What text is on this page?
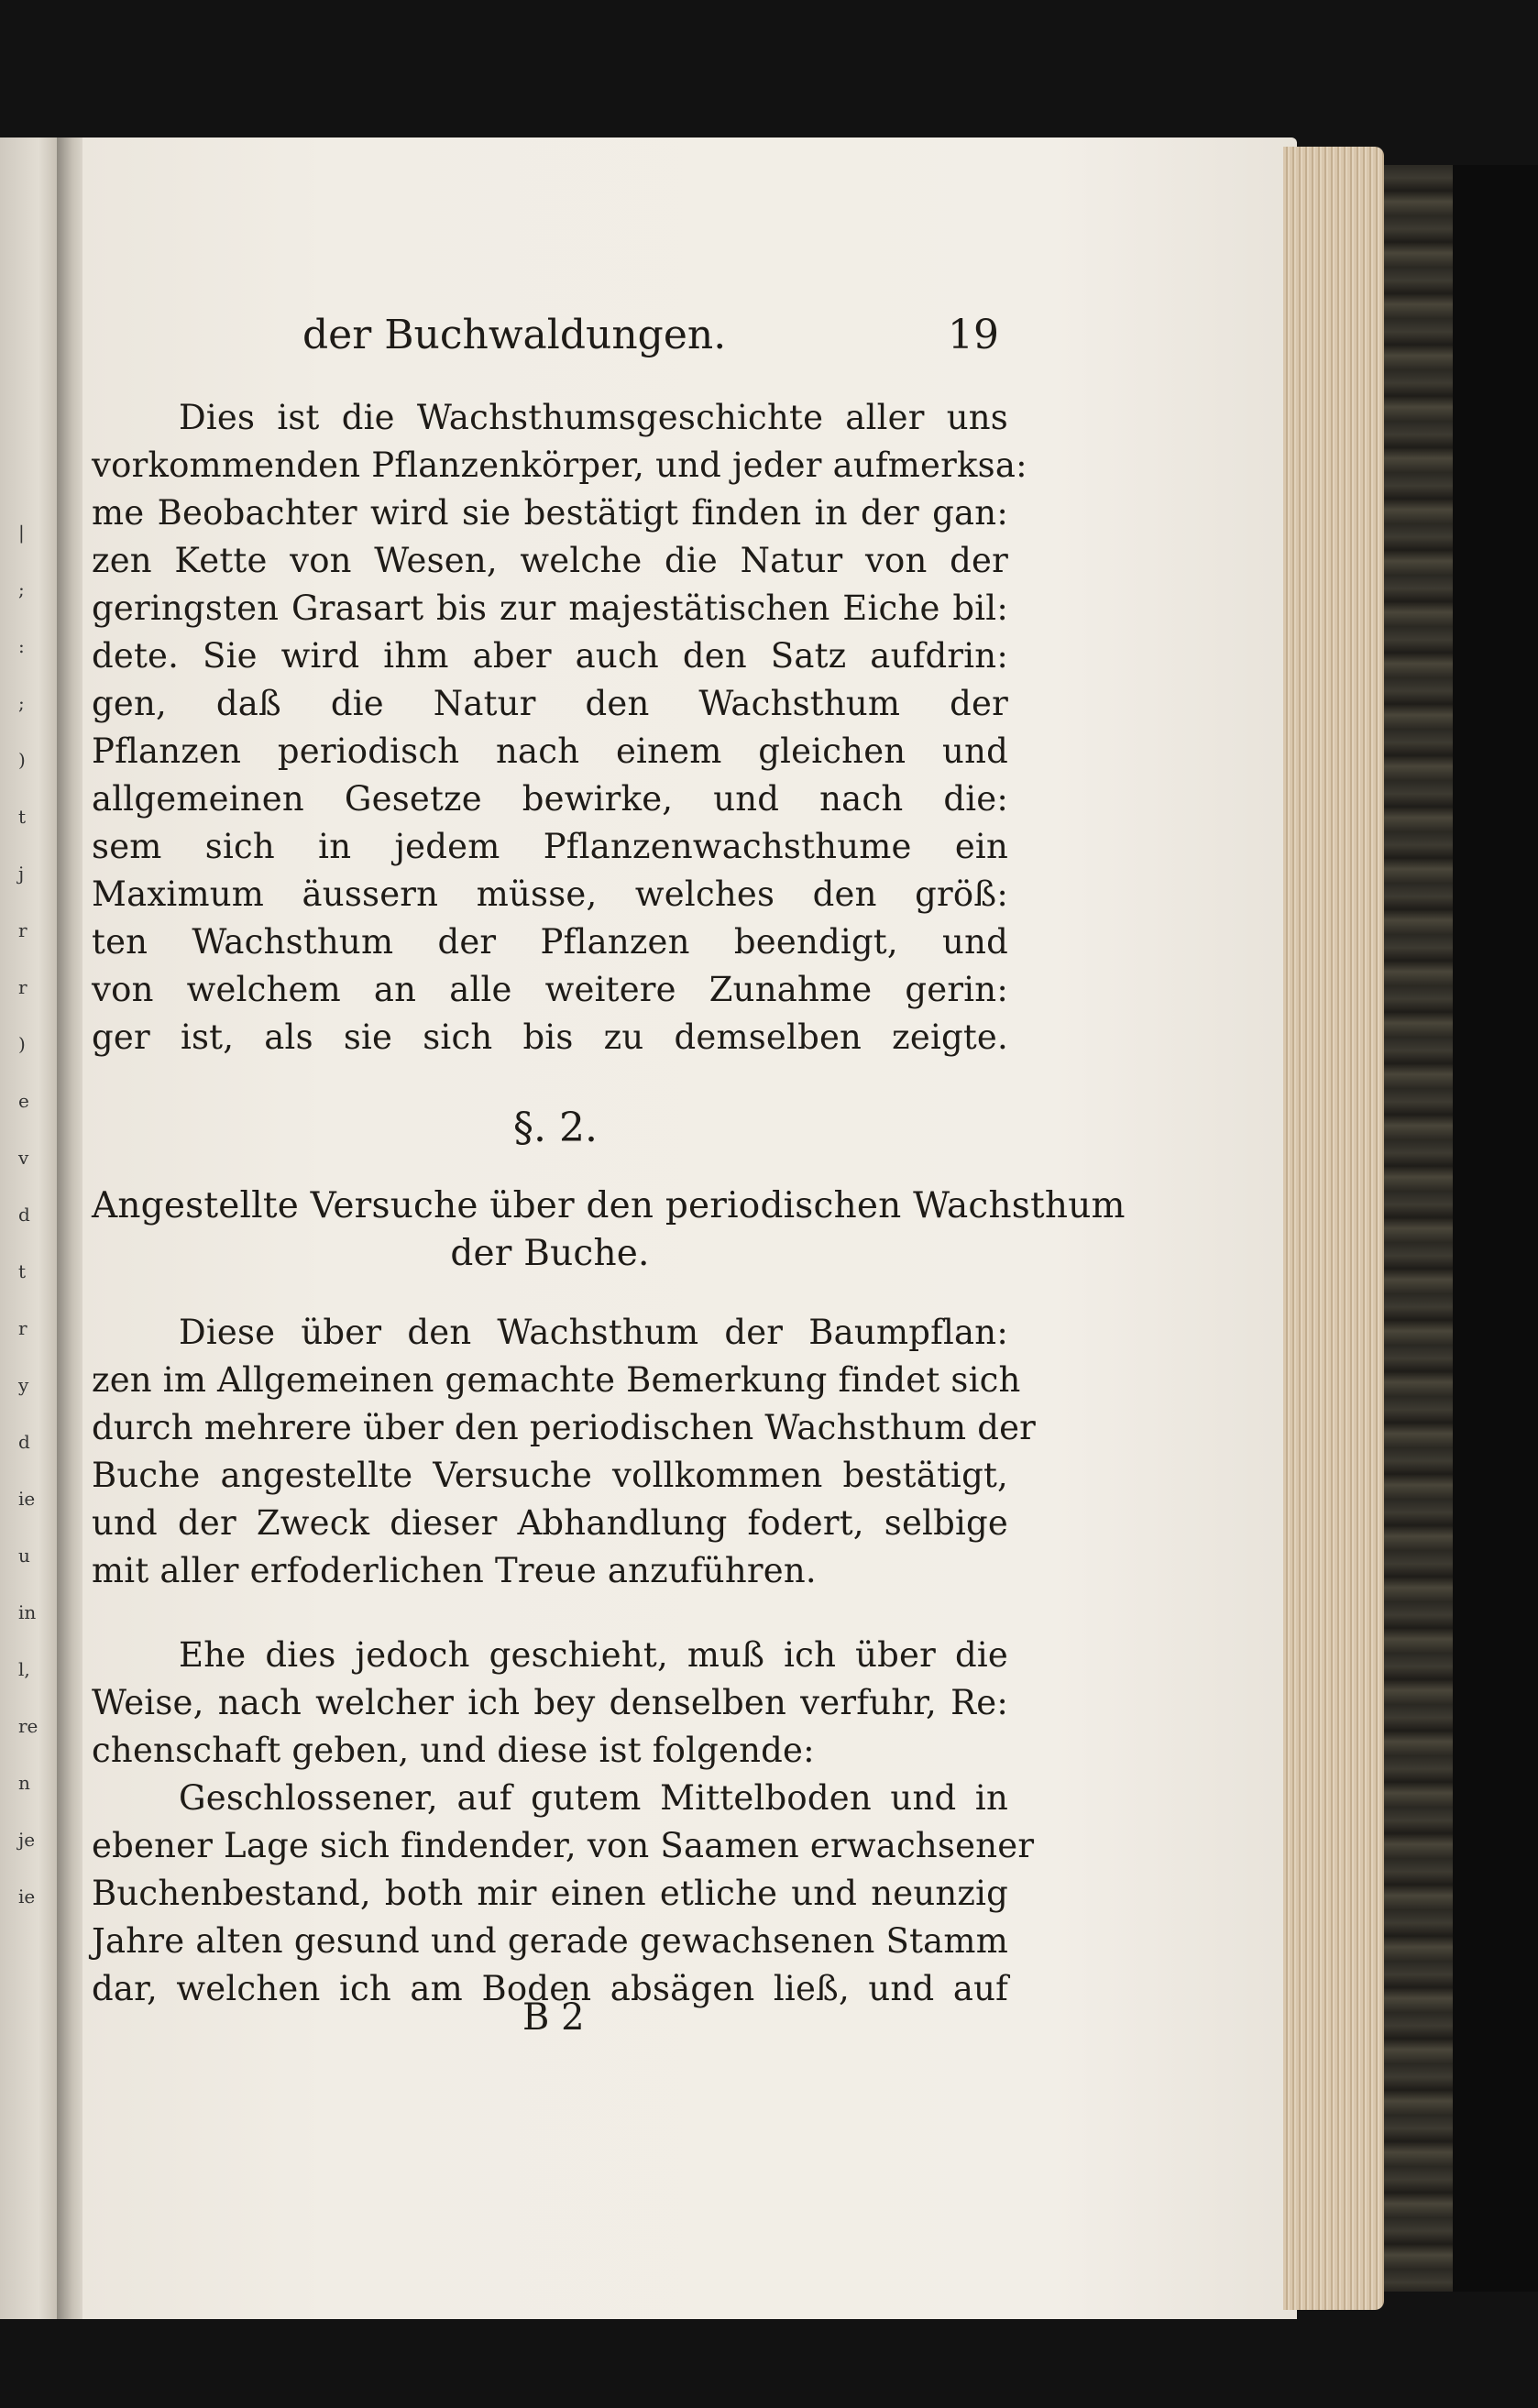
|
;
:
;
)
t
j
r
r
)
e
v
d
t
r
y
d
ie
u
in
l,
re
n
je
ie
der Buchwaldungen.	19
Dies ist die Wachsthumsgeschichte aller uns
vorkommenden Pflanzenkörper, und jeder aufmerksa:
me Beobachter wird sie bestätigt finden in der gan:
zen Kette von Wesen, welche die Natur von der
geringsten Grasart bis zur majestätischen Eiche bil:
dete. Sie wird ihm aber auch den Satz aufdrin:
gen, daß die Natur den Wachsthum der
Pflanzen periodisch nach einem gleichen und
allgemeinen Gesetze bewirke, und nach die:
sem sich in jedem Pflanzenwachsthume ein
Maximum äussern müsse, welches den größ:
ten Wachsthum der Pflanzen beendigt, und
von welchem an alle weitere Zunahme gerin:
ger ist, als sie sich bis zu demselben zeigte.
§. 2.
Angestellte Versuche über den periodischen Wachsthum
der Buche.
Diese über den Wachsthum der Baumpflan:
zen im Allgemeinen gemachte Bemerkung findet sich
durch mehrere über den periodischen Wachsthum der
Buche angestellte Versuche vollkommen bestätigt,
und der Zweck dieser Abhandlung fodert, selbige
mit aller erfoderlichen Treue anzuführen.
Ehe dies jedoch geschieht, muß ich über die
Weise, nach welcher ich bey denselben verfuhr, Re:
chenschaft geben, und diese ist folgende:
Geschlossener, auf gutem Mittelboden und in
ebener Lage sich findender, von Saamen erwachsener
Buchenbestand, both mir einen etliche und neunzig
Jahre alten gesund und gerade gewachsenen Stamm
dar, welchen ich am Boden absägen ließ, und auf
B 2
